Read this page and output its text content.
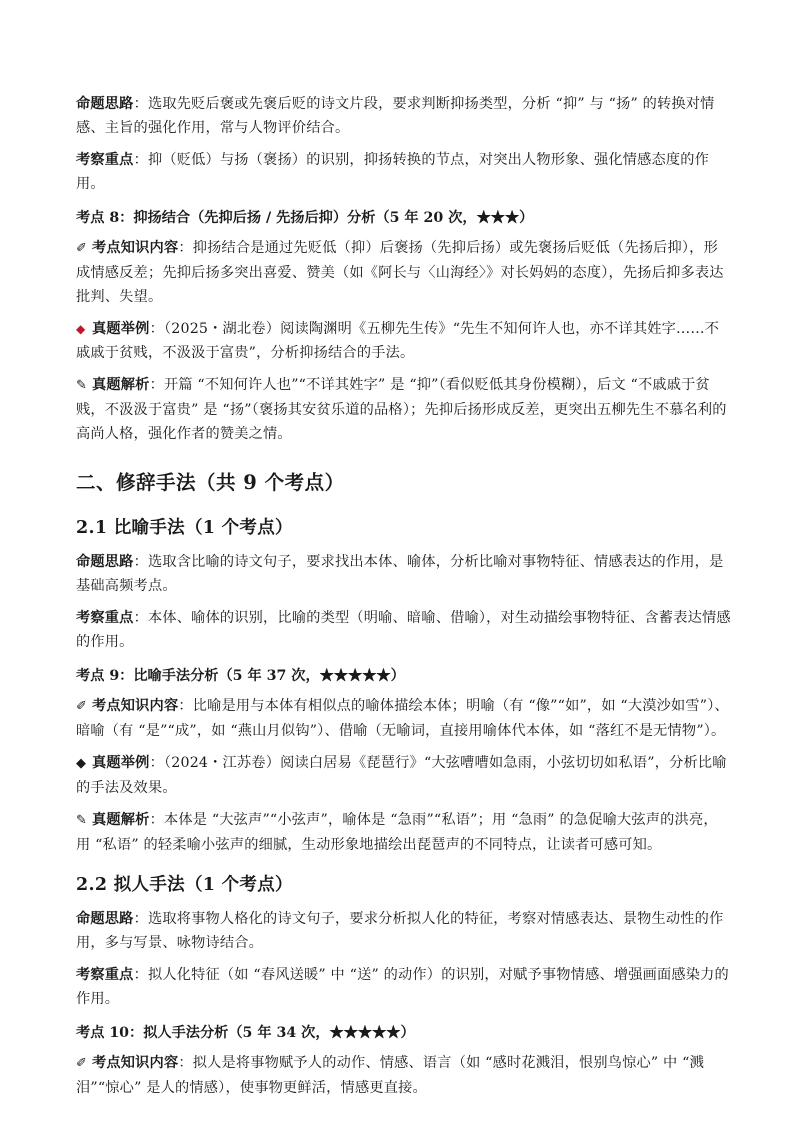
命题思路：选取先贬后褒或先褒后贬的诗文片段，要求判断抑扬类型，分析 “抑” 与 “扬” 的转换对情感、主旨的强化作用，常与人物评价结合。

考察重点：抑（贬低）与扬（褒扬）的识别，抑扬转换的节点，对突出人物形象、强化情感态度的作用。

考点 8：抑扬结合（先抑后扬 / 先扬后抑）分析（5 年 20 次，★★★）

✐ 考点知识内容：抑扬结合是通过先贬低（抑）后褒扬（先抑后扬）或先褒扬后贬低（先扬后抑），形成情感反差；先抑后扬多突出喜爱、赞美（如《阿长与〈山海经〉》对长妈妈的态度），先扬后抑多表达批判、失望。

◆ 真题举例：（2025・湖北卷）阅读陶渊明《五柳先生传》“先生不知何许人也，亦不详其姓字……不戚戚于贫贱，不汲汲于富贵”，分析抑扬结合的手法。

✎ 真题解析：开篇 “不知何许人也”“不详其姓字” 是 “抑”（看似贬低其身份模糊），后文 “不戚戚于贫贱，不汲汲于富贵” 是 “扬”（褒扬其安贫乐道的品格）；先抑后扬形成反差，更突出五柳先生不慕名利的高尚人格，强化作者的赞美之情。

二、修辞手法（共 9 个考点）
2.1 比喻手法（1 个考点）

命题思路：选取含比喻的诗文句子，要求找出本体、喻体，分析比喻对事物特征、情感表达的作用，是基础高频考点。

考察重点：本体、喻体的识别，比喻的类型（明喻、暗喻、借喻），对生动描绘事物特征、含蓄表达情感的作用。

考点 9：比喻手法分析（5 年 37 次，★★★★★）

✐ 考点知识内容：比喻是用与本体有相似点的喻体描绘本体；明喻（有 “像”“如”，如 “大漠沙如雪”）、暗喻（有 “是”“成”，如 “燕山月似钩”）、借喻（无喻词，直接用喻体代本体，如 “落红不是无情物”）。

◆ 真题举例：（2024・江苏卷）阅读白居易《琵琶行》“大弦嘈嘈如急雨，小弦切切如私语”，分析比喻的手法及效果。

✎ 真题解析：本体是 “大弦声”“小弦声”，喻体是 “急雨”“私语”；用 “急雨” 的急促喻大弦声的洪亮，用 “私语” 的轻柔喻小弦声的细腻，生动形象地描绘出琵琶声的不同特点，让读者可感可知。

2.2 拟人手法（1 个考点）

命题思路：选取将事物人格化的诗文句子，要求分析拟人化的特征，考察对情感表达、景物生动性的作用，多与写景、咏物诗结合。

考察重点：拟人化特征（如 “春风送暖” 中 “送” 的动作）的识别，对赋予事物情感、增强画面感染力的作用。

考点 10：拟人手法分析（5 年 34 次，★★★★★）

✐ 考点知识内容：拟人是将事物赋予人的动作、情感、语言（如 “感时花溅泪，恨别鸟惊心” 中 “溅泪”“惊心” 是人的情感），使事物更鲜活，情感更直接。
